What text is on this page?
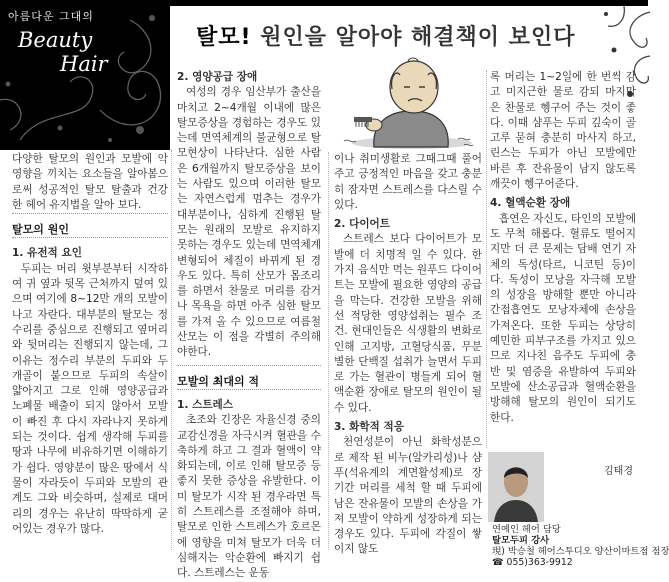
아름다운 그대의
Beauty
Hair
탈모! 원인을 알아야 해결책이 보인다

다양한 탈모의 원인과 모발에 악영향을 끼치는 요소들을 알아봄으로써 성공적인 탈모 탈출과 건강한 헤어 유지법을 알아 보다.

탈모의 원인

1. 유전적 요인

두피는 머리 윗부분부터 시작하여 귀 옆과 뒷목 근처까지 덮여 있으며 여기에 8~12만 개의 모발이 나고 자란다. 대부분의 탈모는 정수리를 중심으로 진행되고 옆머리와 뒷머리는 진행되지 않는데, 그 이유는 정수리 부분의 두피와 두개골이 붙으므로 두피의 속살이 얇아지고 그로 인해 영양공급과 노폐물 배출이 되지 않아서 모발이 빠진 후 다시 자라나지 못하게 되는 것이다. 쉽게 생각해 두피를 땅과 나무에 비유하기면 이해하기가 쉽다. 영양분이 많은 땅에서 식물이 자라듯이 두피와 모발의 관계도 그와 비슷하며, 실제로 대머리의 경우는 유난히 딱딱하게 굳어있는 경우가 많다.

2. 영양공급 장애

여성의 경우 임산부가 출산을 마치고 2~4개월 이내에 많은 탈모증상을 경험하는 경우도 있는데 면역체계의 불균형으로 탈모현상이 나타난다. 심한 사람은 6개월까지 탈모증상을 보이는 사람도 있으며 이러한 탈모는 자연스럽게 멈추는 경우가 대부분이나, 심하게 진행된 탈모는 원래의 모발로 유지하지 못하는 경우도 있는데 면역체계 변형되어 체질이 바뀌게 된 경우도 있다. 특히 산모가 몸조리를 하면서 찬물로 머리를 감거나 목욕을 하면 아주 심한 탈모를 가져 올 수 있으므로 여름철 산모는 이 점을 각별히 주의해야한다.

모발의 최대의 적

1. 스트레스

초조와 긴장은 자율신경 중의 교감신경을 자극시켜 혈관을 수축하게 하고 그 결과 혈액이 약화되는데, 이로 인해 탈모증 등 좋지 못한 증상을 유발한다. 이미 탈모가 시작 된 경우라면 특히 스트레스를 조절해야 하며, 탈모로 인한 스트레스가 호르몬에 영향을 미쳐 탈모가 더욱 더 심해지는 악순환에 빠지기 쉽다. 스트레스는 운동

이나 취미생활로 그때그때 풀어주고 긍정적인 마음을 갖고 충분히 잠자면 스트레스를 다스릴 수 있다.

2. 다이어트

스트레스 보다 다이어트가 모발에 더 치명적 일 수 있다. 한 가지 음식만 먹는 원푸드 다이어트는 모발에 필요한 영양의 공급을 막는다. 건강한 모발을 위해선 적당한 영양섭취는 필수 조건. 현대인들은 식생활의 변화로 인해 고지방, 고혈당식품, 무분별한 단백질 섭취가 늘면서 두피로 가는 혈관이 병들게 되어 혈액순환 장애로 탈모의 원인이 될 수 있다.

3. 화학적 적응

천연성분이 아닌 화학성분으로 제작 된 비누(알카리성)나 샴푸(석유계의 계면활성제)로 장기간 머리를 세척 할 때 두피에 남은 잔유물이 모발의 손상을 가져 모발이 약하게 성장하게 되는 경우도 있다. 두피에 각질이 쌓이지 않도

록 머리는 1~2일에 한 번씩 감고 미지근한 물로 감되 마지막은 찬물로 헹구어 주는 것이 좋다. 이때 샴푸는 두피 깊숙이 골고루 묻혀 충분히 마사지 하고, 린스는 두피가 아닌 모발에만 바른 후 잔유물이 남지 않도록 깨끗이 헹구어준다.

4. 혈액순환 장애

흡연은 자신도, 타인의 모발에도 무척 해롭다. 혈류도 떨어지지만 더 큰 문제는 담배 연기 자체의 독성(타르, 니코틴 등)이다. 독성이 모낭을 자극해 모발의 성장을 방해할 뿐만 아니라 간접흡연도 모낭자체에 손상을 가져온다. 또한 두피는 상당히 예민한 피부구조를 가지고 있으므로 지나친 음주도 두피에 충반 및 염증을 유발하여 두피와 모발에 산소공급과 혈액순환을 방해해 탈모의 원인이 되기도 한다.

김태경
연예인 헤어 담당
탈모두피 강사
現) 박승철 헤어스투디오 양산이마트점 점장
☎ 055)363-9912
